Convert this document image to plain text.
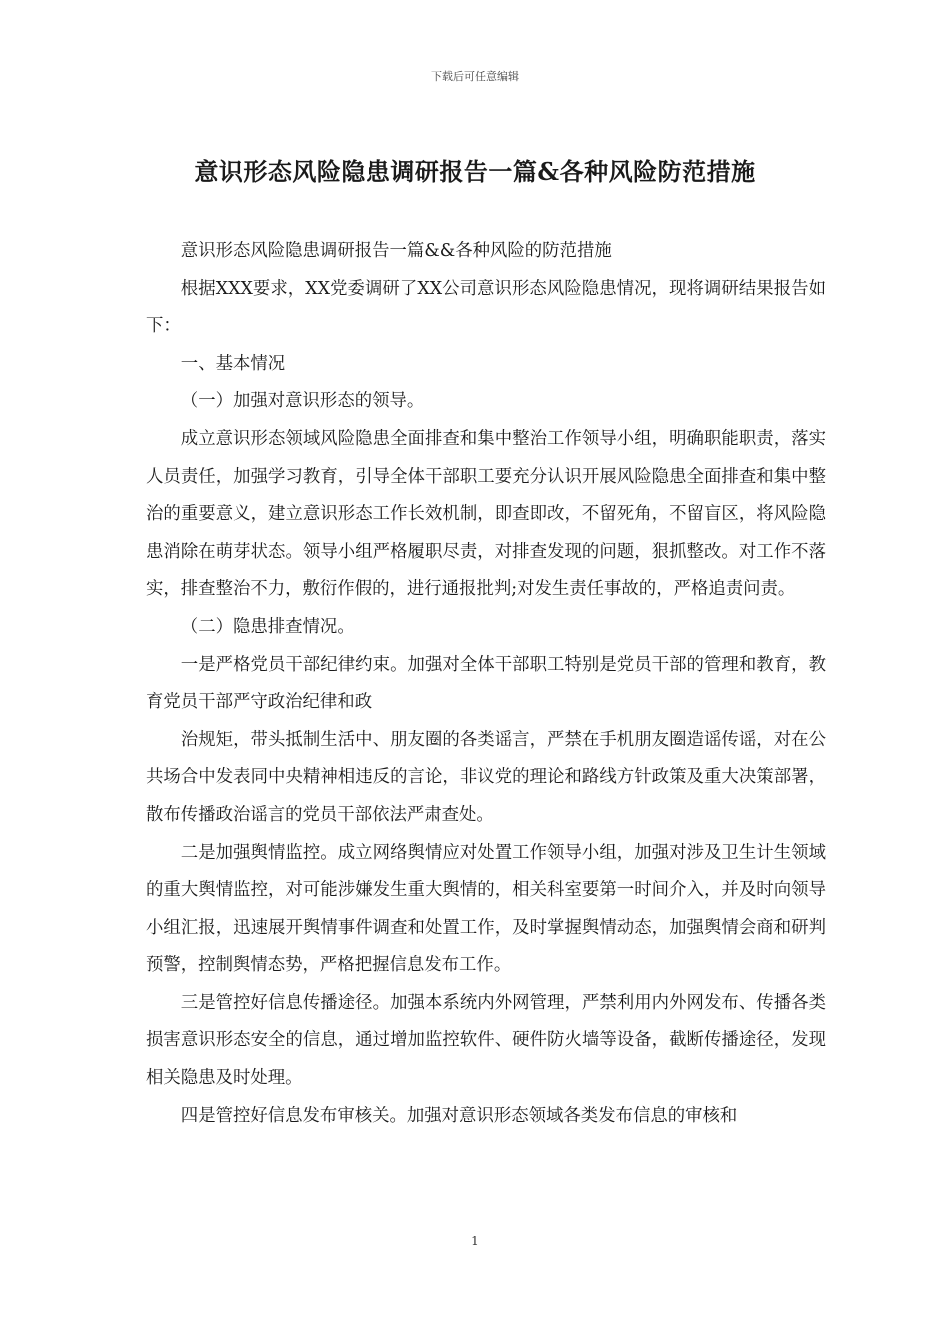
下载后可任意编辑
意识形态风险隐患调研报告一篇&各种风险防范措施

意识形态风险隐患调研报告一篇&&各种风险的防范措施

根据XXX要求，XX党委调研了XX公司意识形态风险隐患情况，现将调研结果报告如下：

一、基本情况

（一）加强对意识形态的领导。

成立意识形态领域风险隐患全面排查和集中整治工作领导小组，明确职能职责，落实人员责任，加强学习教育，引导全体干部职工要充分认识开展风险隐患全面排查和集中整治的重要意义，建立意识形态工作长效机制，即查即改，不留死角，不留盲区，将风险隐患消除在萌芽状态。领导小组严格履职尽责，对排查发现的问题，狠抓整改。对工作不落实，排查整治不力，敷衍作假的，进行通报批判;对发生责任事故的，严格追责问责。

（二）隐患排查情况。

一是严格党员干部纪律约束。加强对全体干部职工特别是党员干部的管理和教育，教育党员干部严守政治纪律和政

治规矩，带头抵制生活中、朋友圈的各类谣言，严禁在手机朋友圈造谣传谣，对在公共场合中发表同中央精神相违反的言论，非议党的理论和路线方针政策及重大决策部署，散布传播政治谣言的党员干部依法严肃查处。

二是加强舆情监控。成立网络舆情应对处置工作领导小组，加强对涉及卫生计生领域的重大舆情监控，对可能涉嫌发生重大舆情的，相关科室要第一时间介入，并及时向领导小组汇报，迅速展开舆情事件调查和处置工作，及时掌握舆情动态，加强舆情会商和研判预警，控制舆情态势，严格把握信息发布工作。

三是管控好信息传播途径。加强本系统内外网管理，严禁利用内外网发布、传播各类损害意识形态安全的信息，通过增加监控软件、硬件防火墙等设备，截断传播途径，发现相关隐患及时处理。

四是管控好信息发布审核关。加强对意识形态领域各类发布信息的审核和

1
